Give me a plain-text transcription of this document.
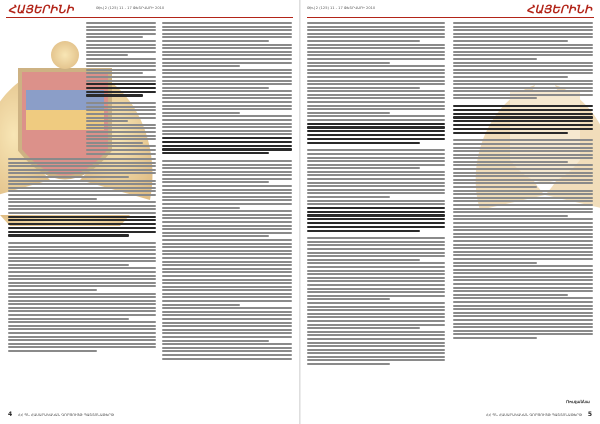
ՀԱՅԵՐԻՆԻ	Թիվ 2 (125) 11 - 17 ՓԵՏՐՎԱՐԻ 2010
4 ՀՀ ՊՆ ՀԱՍԱՐԱԿԱԿԱՆ ԳՈՐԾՈՒՅԹ ՊԱՇՏՈՆԱԹԵՐԹ
Թիվ 2 (125) 11 - 17 ՓԵՏՐՎԱՐԻ 2010	ՀԱՅԵՐԻՆԻ
Ռուզաննա
ՀՀ ՊՆ ՀԱՍԱՐԱԿԱԿԱՆ ԳՈՐԾՈՒՅԹ ՊԱՇՏՈՆԱԹԵՐԹ 5
